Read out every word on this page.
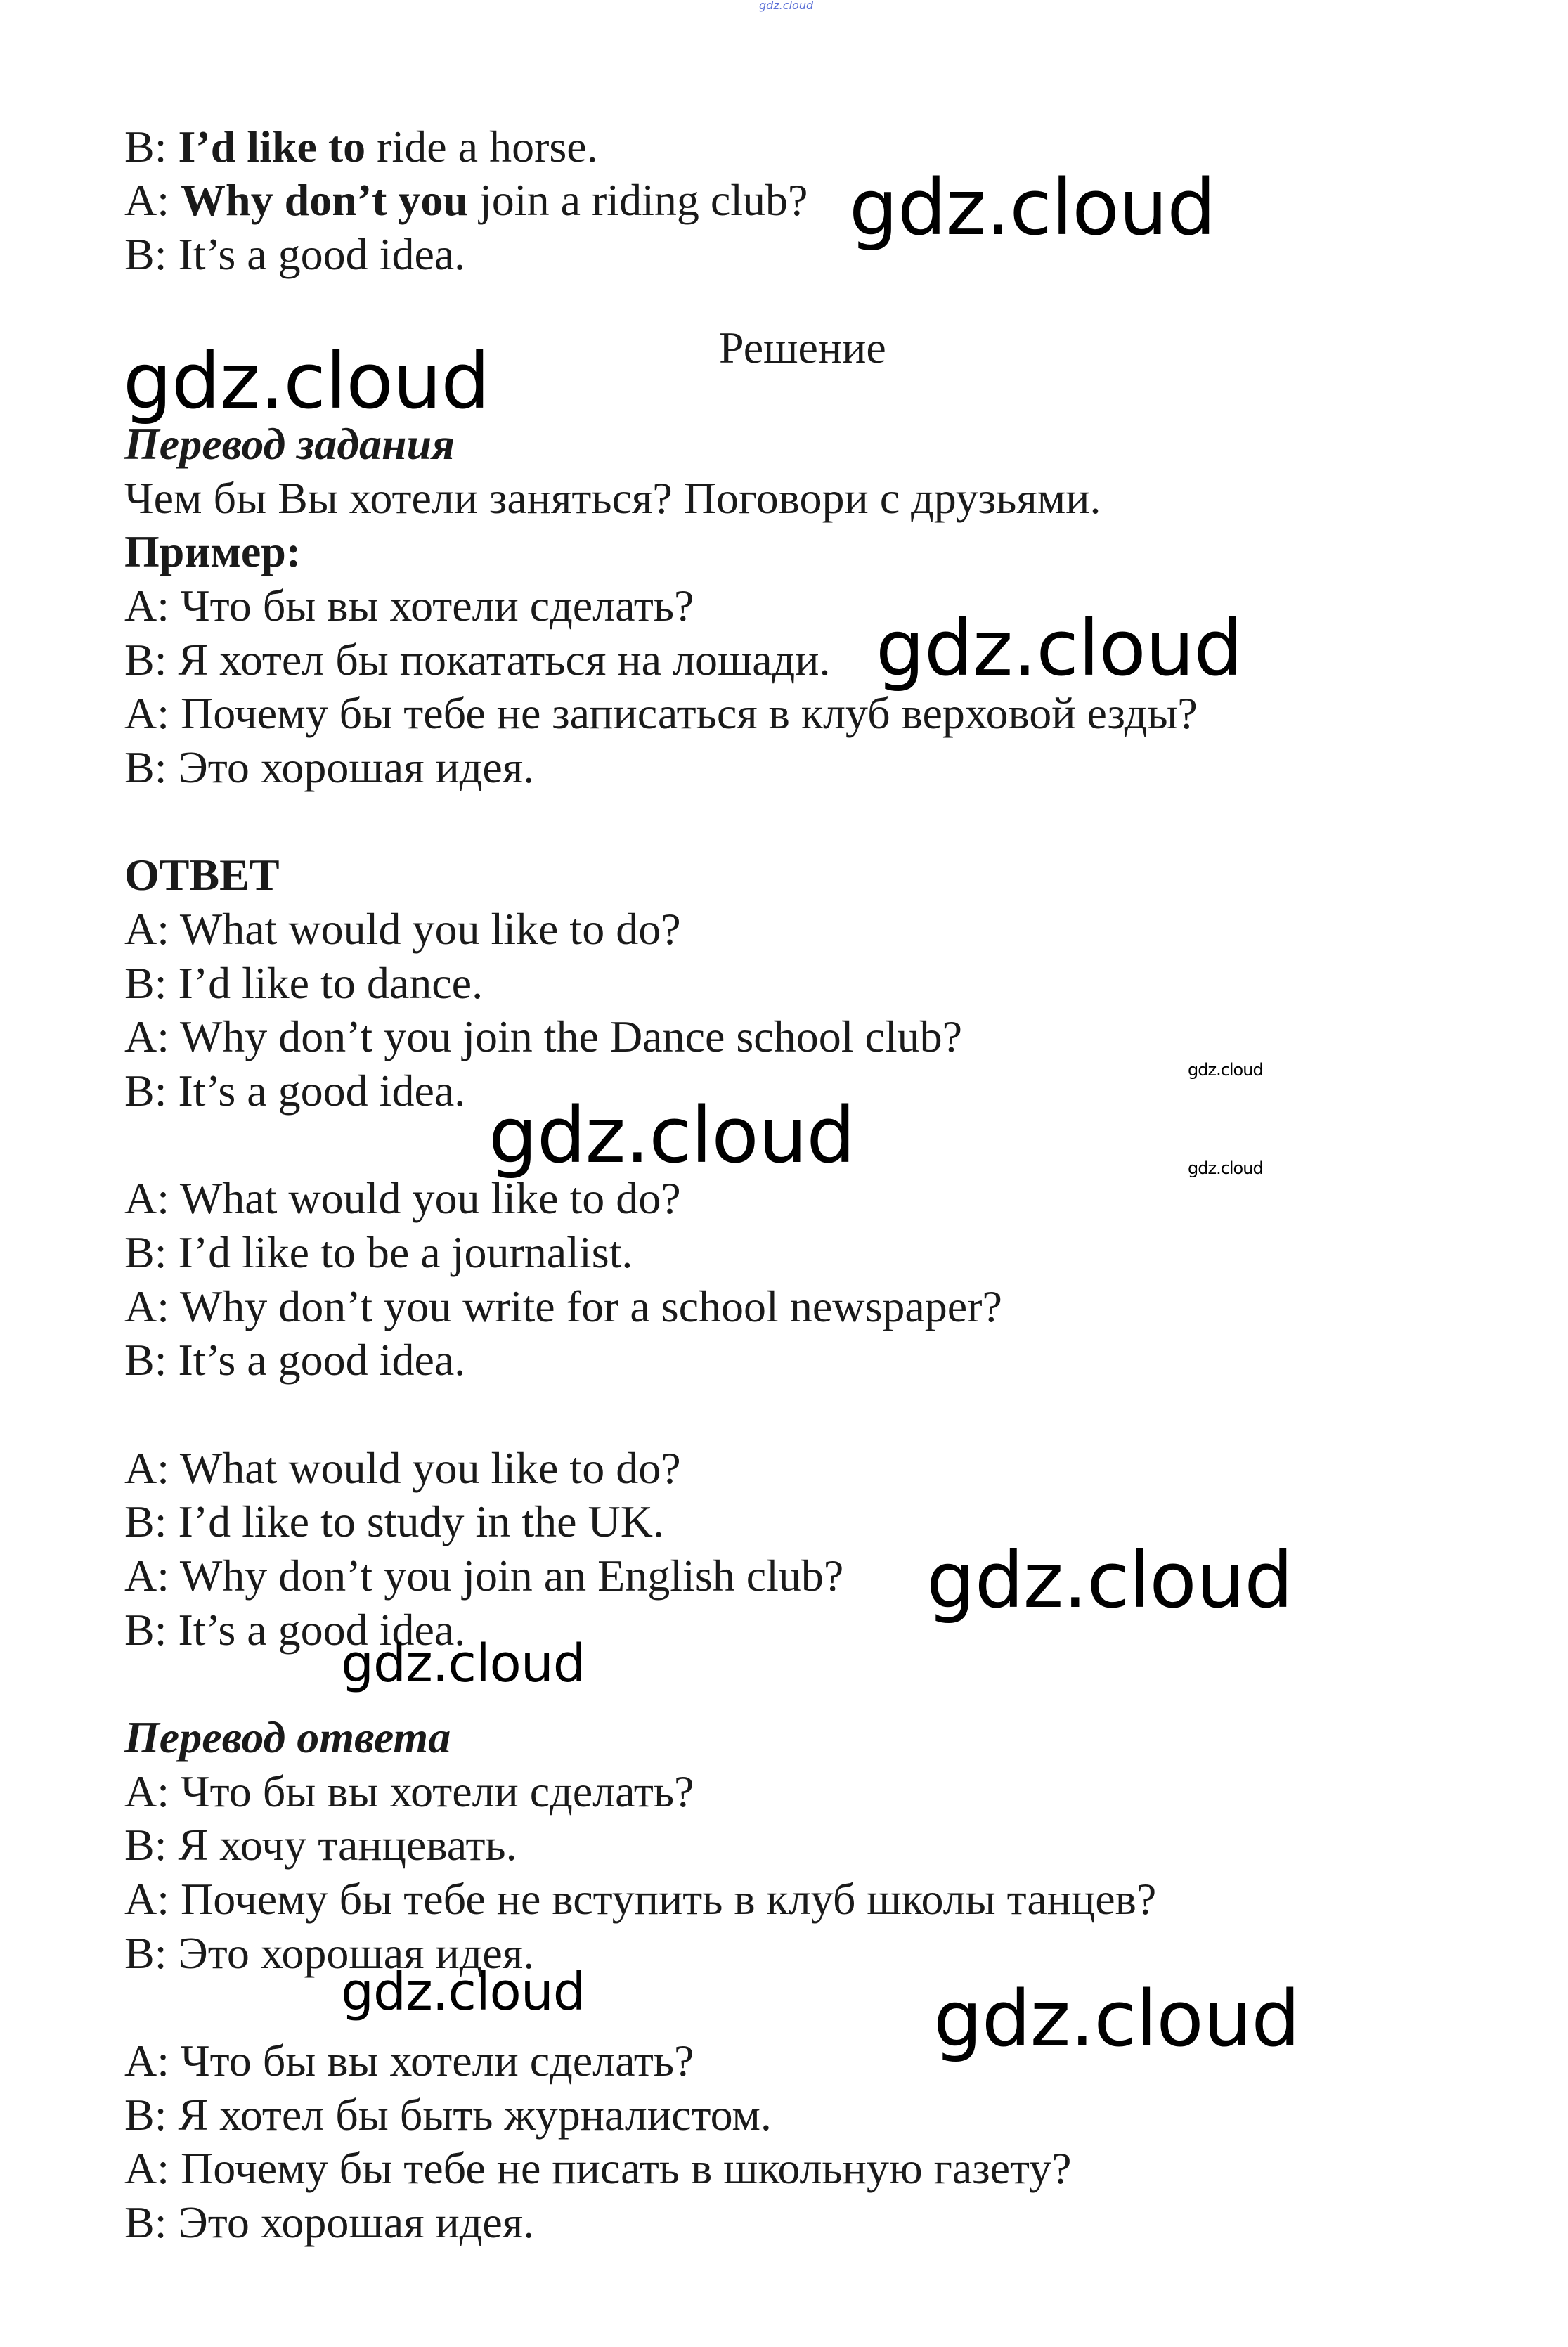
gdz.cloud
B: I’d like to ride a horse.
A: Why don’t you join a riding club?
B: It’s a good idea.
Решение
Перевод задания
Чем бы Вы хотели заняться? Поговори с друзьями.
Пример:
A: Что бы вы хотели сделать?
B: Я хотел бы покататься на лошади.
A: Почему бы тебе не записаться в клуб верховой езды?
B: Это хорошая идея.
ОТВЕТ
A: What would you like to do?
B: I’d like to dance.
A: Why don’t you join the Dance school club?
B: It’s a good idea.
A: What would you like to do?
B: I’d like to be a journalist.
A: Why don’t you write for a school newspaper?
B: It’s a good idea.
A: What would you like to do?
B: I’d like to study in the UK.
A: Why don’t you join an English club?
B: It’s a good idea.
Перевод ответа
A: Что бы вы хотели сделать?
B: Я хочу танцевать.
A: Почему бы тебе не вступить в клуб школы танцев?
B: Это хорошая идея.
A: Что бы вы хотели сделать?
B: Я хотел бы быть журналистом.
A: Почему бы тебе не писать в школьную газету?
B: Это хорошая идея.
gdz.cloud
gdz.cloud
gdz.cloud
gdz.cloud
gdz.cloud
gdz.cloud
gdz.cloud
gdz.cloud
gdz.cloud	gdz.cloud
